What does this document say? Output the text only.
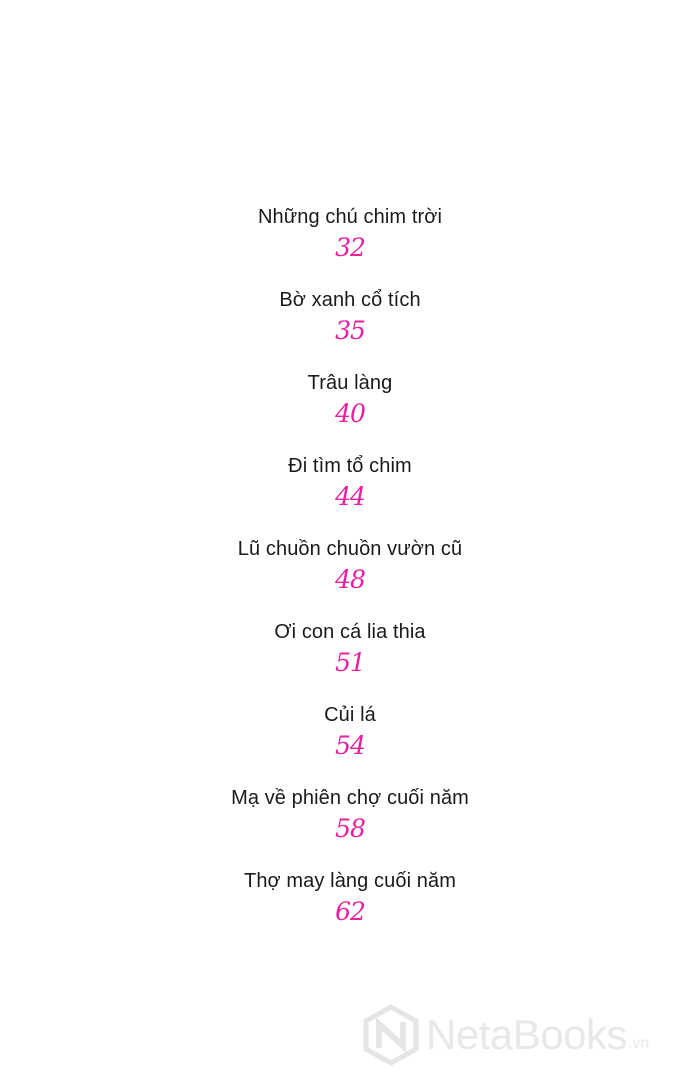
Những chú chim trời
32
Bờ xanh cổ tích
35
Trâu làng
40
Đi tìm tổ chim
44
Lũ chuồn chuồn vườn cũ
48
Ơi con cá lia thia
51
Củi lá
54
Mạ về phiên chợ cuối năm
58
Thợ may làng cuối năm
62
NetaBooks .vn
